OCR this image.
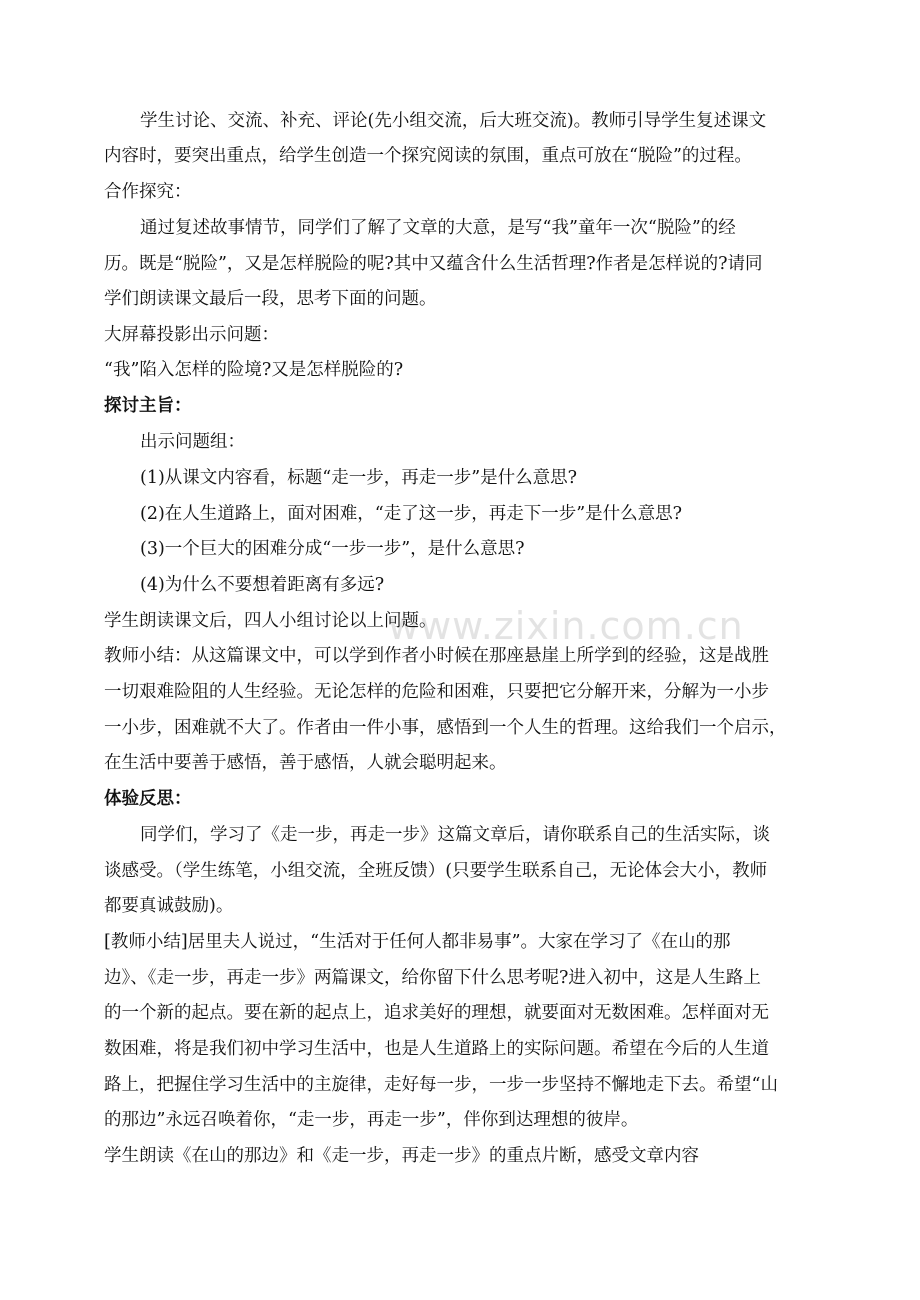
www.zixin.com.cn
学生讨论、交流、补充、评论(先小组交流，后大班交流)。教师引导学生复述课文
内容时，要突出重点，给学生创造一个探究阅读的氛围，重点可放在“脱险”的过程。
合作探究：
通过复述故事情节，同学们了解了文章的大意，是写“我”童年一次“脱险”的经
历。既是“脱险”，又是怎样脱险的呢?其中又蕴含什么生活哲理?作者是怎样说的?请同
学们朗读课文最后一段，思考下面的问题。
大屏幕投影出示问题：
“我”陷入怎样的险境?又是怎样脱险的?
探讨主旨：
出示问题组：
(1)从课文内容看，标题“走一步，再走一步”是什么意思?
(2)在人生道路上，面对困难，“走了这一步，再走下一步”是什么意思?
(3)一个巨大的困难分成“一步一步”，是什么意思?
(4)为什么不要想着距离有多远?
学生朗读课文后，四人小组讨论以上问题。
教师小结：从这篇课文中，可以学到作者小时候在那座悬崖上所学到的经验，这是战胜
一切艰难险阻的人生经验。无论怎样的危险和困难，只要把它分解开来，分解为一小步
一小步，困难就不大了。作者由一件小事，感悟到一个人生的哲理。这给我们一个启示，
在生活中要善于感悟，善于感悟，人就会聪明起来。
体验反思：
同学们，学习了《走一步，再走一步》这篇文章后，请你联系自己的生活实际，谈
谈感受。（学生练笔，小组交流，全班反馈）(只要学生联系自己，无论体会大小，教师
都要真诚鼓励)。
[教师小结]居里夫人说过，“生活对于任何人都非易事”。大家在学习了《在山的那
边》、《走一步，再走一步》两篇课文，给你留下什么思考呢?进入初中，这是人生路上
的一个新的起点。要在新的起点上，追求美好的理想，就要面对无数困难。怎样面对无
数困难，将是我们初中学习生活中，也是人生道路上的实际问题。希望在今后的人生道
路上，把握住学习生活中的主旋律，走好每一步，一步一步坚持不懈地走下去。希望“山
的那边”永远召唤着你，“走一步，再走一步”，伴你到达理想的彼岸。
学生朗读《在山的那边》和《走一步，再走一步》的重点片断，感受文章内容
